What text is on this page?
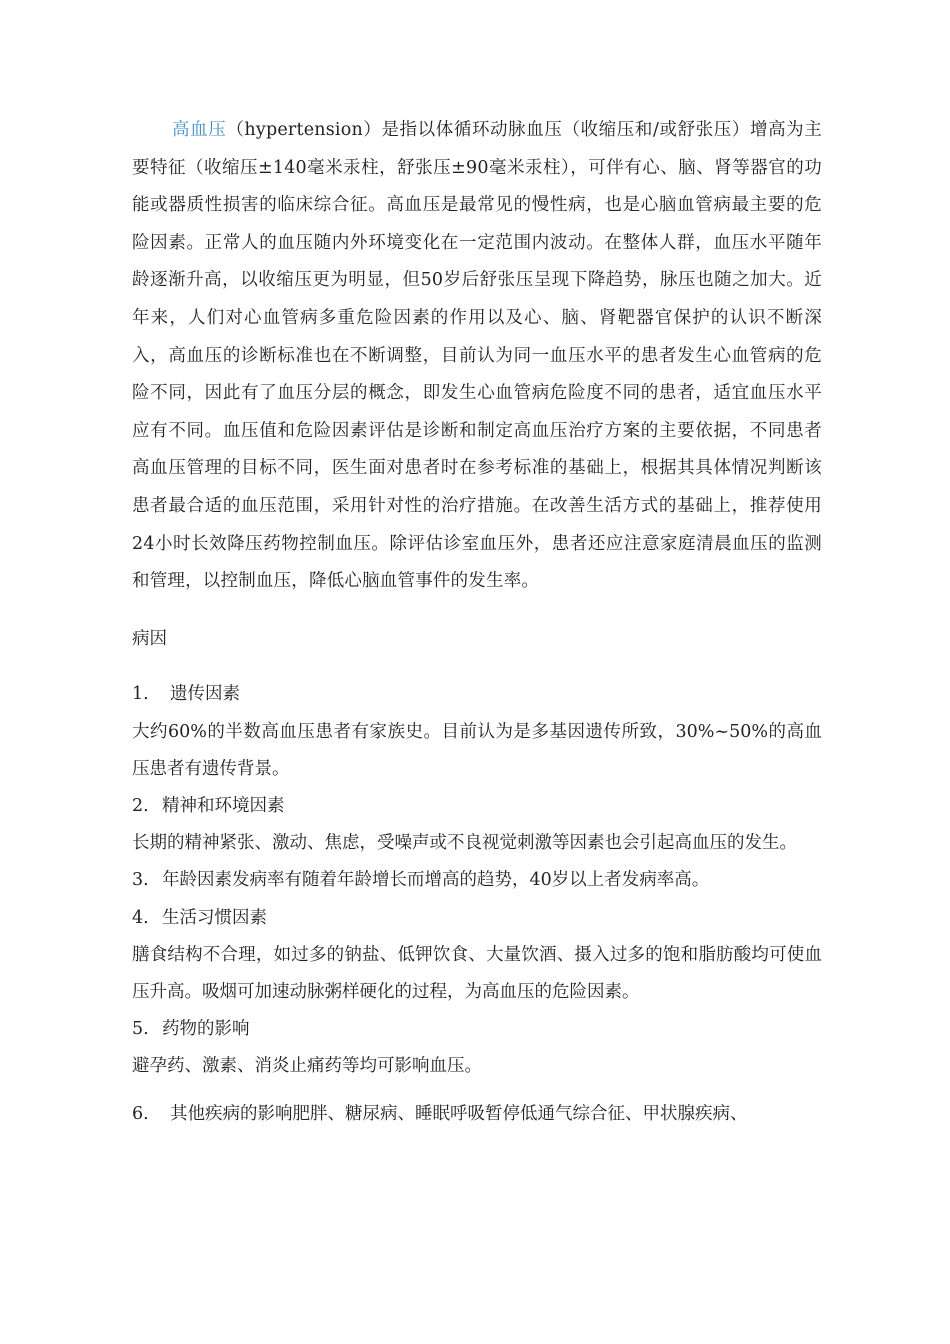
高血压（hypertension）是指以体循环动脉血压（收缩压和/或舒张压）增高为主要特征（收缩压±140毫米汞柱，舒张压±90毫米汞柱），可伴有心、脑、肾等器官的功能或器质性损害的临床综合征。高血压是最常见的慢性病，也是心脑血管病最主要的危险因素。正常人的血压随内外环境变化在一定范围内波动。在整体人群，血压水平随年龄逐渐升高，以收缩压更为明显，但50岁后舒张压呈现下降趋势，脉压也随之加大。近年来，人们对心血管病多重危险因素的作用以及心、脑、肾靶器官保护的认识不断深入，高血压的诊断标准也在不断调整，目前认为同一血压水平的患者发生心血管病的危险不同，因此有了血压分层的概念，即发生心血管病危险度不同的患者，适宜血压水平应有不同。血压值和危险因素评估是诊断和制定高血压治疗方案的主要依据，不同患者高血压管理的目标不同，医生面对患者时在参考标准的基础上，根据其具体情况判断该患者最合适的血压范围，采用针对性的治疗措施。在改善生活方式的基础上，推荐使用24小时长效降压药物控制血压。除评估诊室血压外，患者还应注意家庭清晨血压的监测和管理，以控制血压，降低心脑血管事件的发生率。

病因

1. 遗传因素

大约60%的半数高血压患者有家族史。目前认为是多基因遗传所致，30%~50%的高血压患者有遗传背景。

2. 精神和环境因素

长期的精神紧张、激动、焦虑，受噪声或不良视觉刺激等因素也会引起高血压的发生。

3. 年龄因素发病率有随着年龄增长而增高的趋势，40岁以上者发病率高。

4. 生活习惯因素

膳食结构不合理，如过多的钠盐、低钾饮食、大量饮酒、摄入过多的饱和脂肪酸均可使血压升高。吸烟可加速动脉粥样硬化的过程，为高血压的危险因素。

5. 药物的影响

避孕药、激素、消炎止痛药等均可影响血压。

6. 其他疾病的影响肥胖、糖尿病、睡眠呼吸暂停低通气综合征、甲状腺疾病、
